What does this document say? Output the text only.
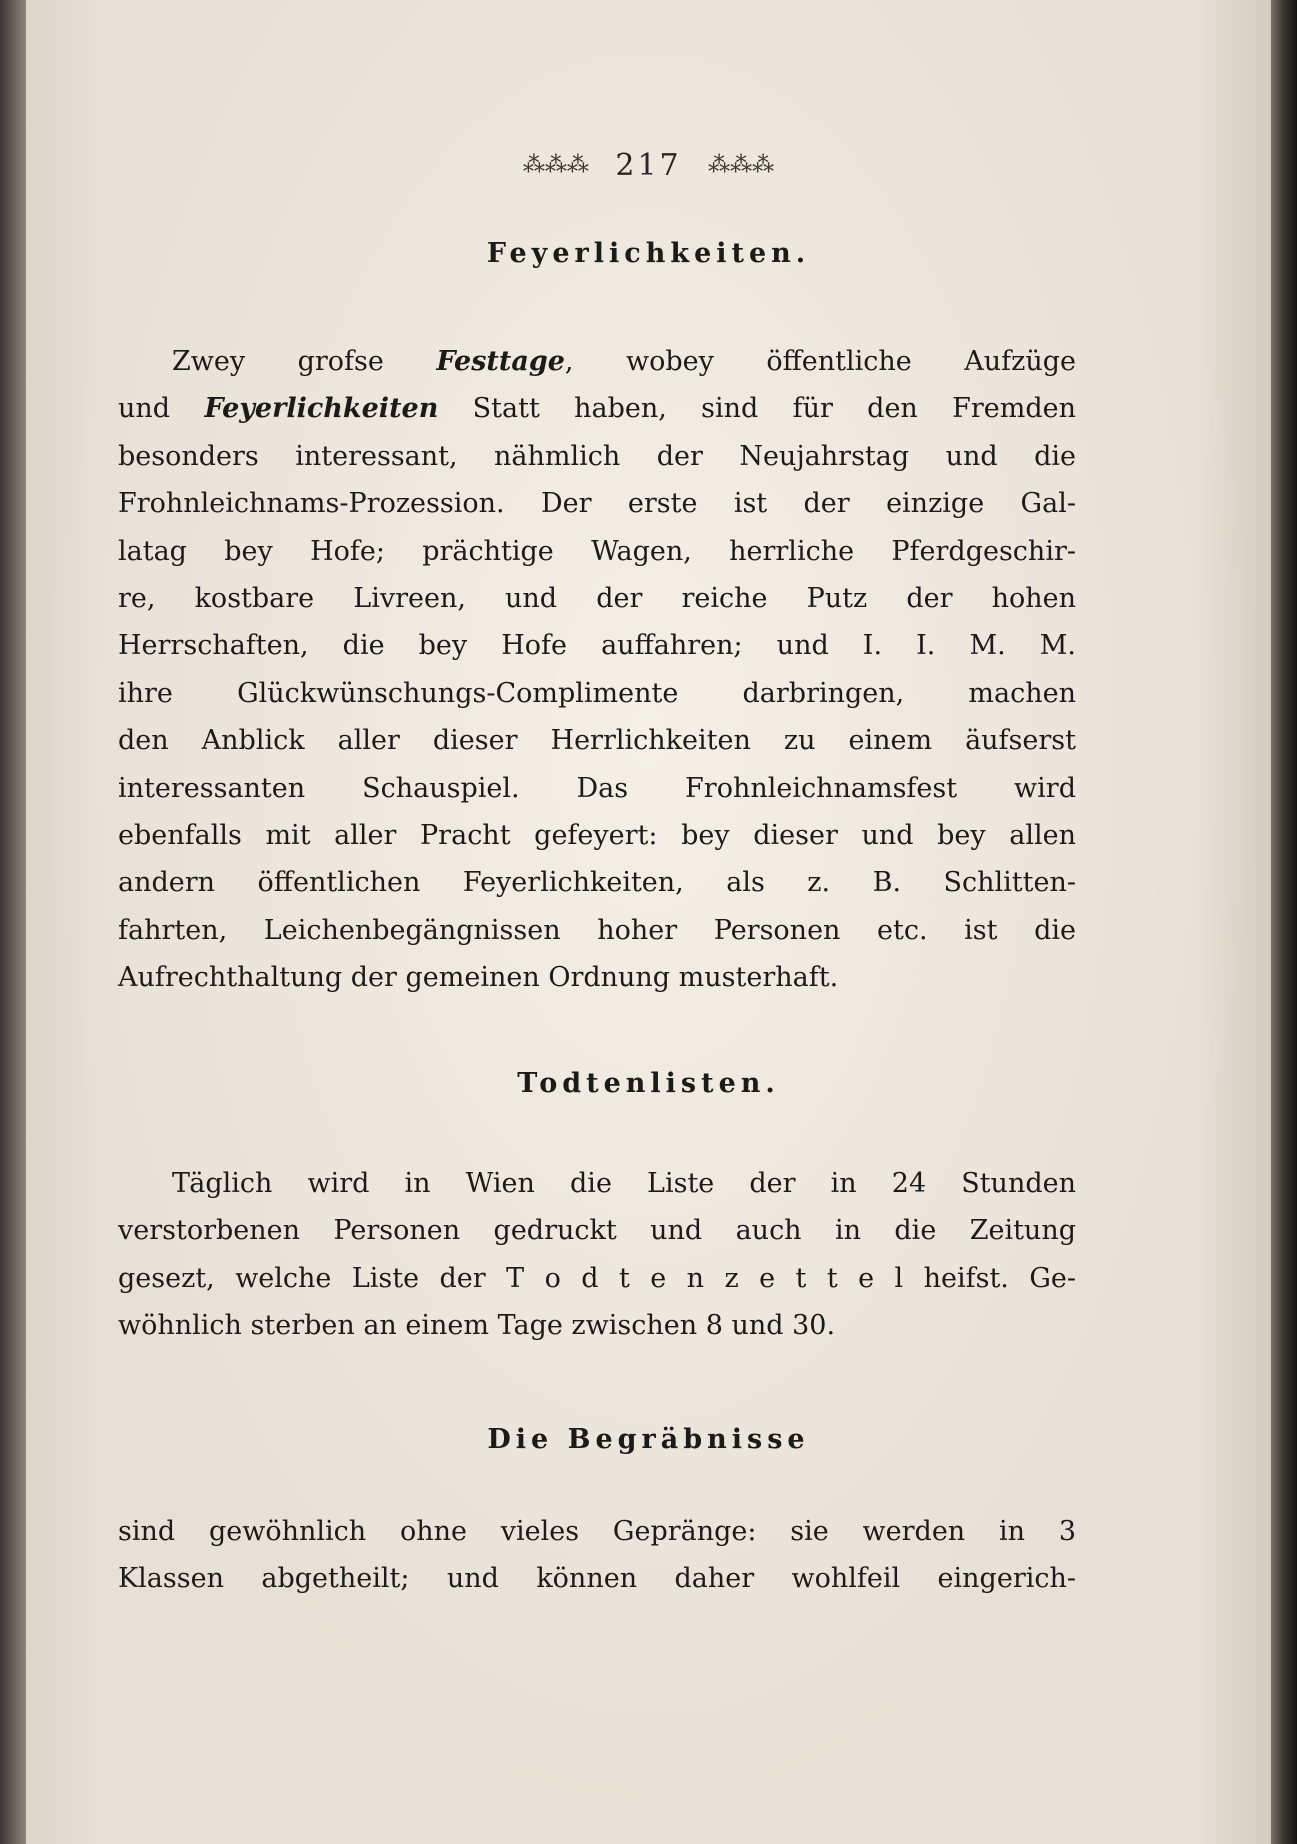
⁂⁂⁂ 217 ⁂⁂⁂
Feyerlichkeiten.
Zwey grofse Festtage, wobey öffentliche Aufzüge
und Feyerlichkeiten Statt haben, sind für den Fremden
besonders interessant, nähmlich der Neujahrstag und die
Frohnleichnams-Prozession. Der erste ist der einzige Gal-
latag bey Hofe; prächtige Wagen, herrliche Pferdgeschir-
re, kostbare Livreen, und der reiche Putz der hohen
Herrschaften, die bey Hofe auffahren; und I. I. M. M.
ihre Glückwünschungs-Complimente darbringen, machen
den Anblick aller dieser Herrlichkeiten zu einem äufserst
interessanten Schauspiel. Das Frohnleichnamsfest wird
ebenfalls mit aller Pracht gefeyert: bey dieser und bey allen
andern öffentlichen Feyerlichkeiten, als z. B. Schlitten-
fahrten, Leichenbegängnissen hoher Personen etc. ist die
Aufrechthaltung der gemeinen Ordnung musterhaft.
Todtenlisten.
Täglich wird in Wien die Liste der in 24 Stunden
verstorbenen Personen gedruckt und auch in die Zeitung
gesezt, welche Liste der T o d t e n z e t t e l heifst. Ge-
wöhnlich sterben an einem Tage zwischen 8 und 30.
Die Begräbnisse
sind gewöhnlich ohne vieles Gepränge: sie werden in 3
Klassen abgetheilt; und können daher wohlfeil eingerich-
